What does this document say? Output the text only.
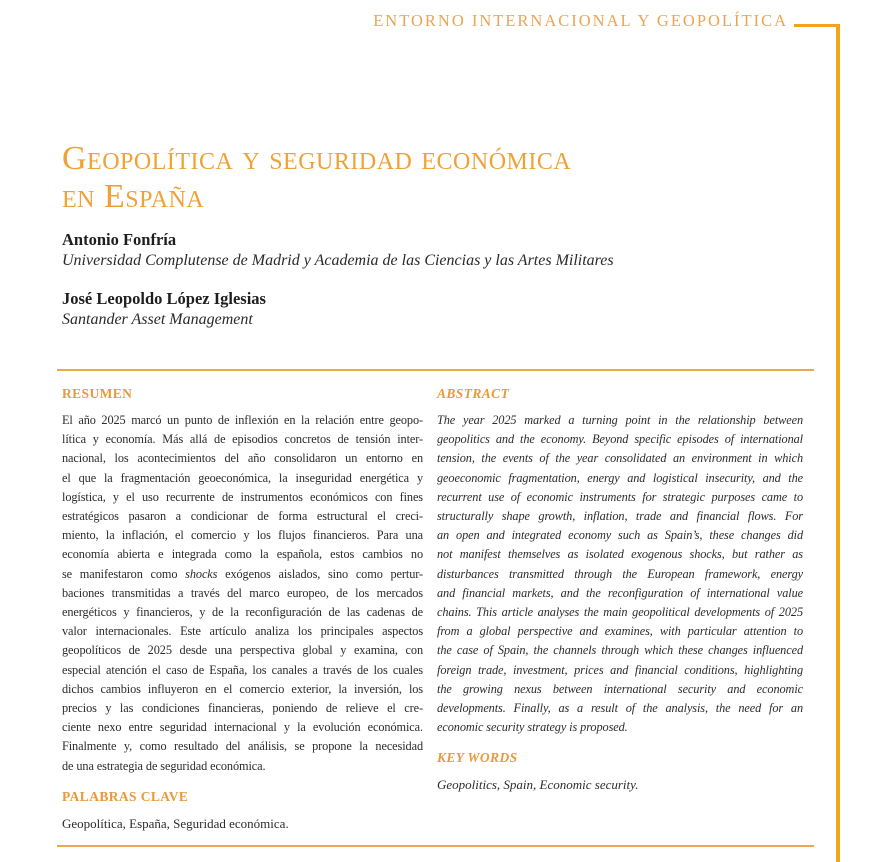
ENTORNO INTERNACIONAL Y GEOPOLÍTICA
Geopolítica y seguridad económica
en España
Antonio Fonfría
Universidad Complutense de Madrid y Academia de las Ciencias y las Artes Militares
José Leopoldo López Iglesias
Santander Asset Management
RESUMEN
El año 2025 marcó un punto de inflexión en la relación entre geopo-
lítica y economía. Más allá de episodios concretos de tensión inter-
nacional, los acontecimientos del año consolidaron un entorno en
el que la fragmentación geoeconómica, la inseguridad energética y
logística, y el uso recurrente de instrumentos económicos con fines
estratégicos pasaron a condicionar de forma estructural el creci-
miento, la inflación, el comercio y los flujos financieros. Para una
economía abierta e integrada como la española, estos cambios no
se manifestaron como shocks exógenos aislados, sino como pertur-
baciones transmitidas a través del marco europeo, de los mercados
energéticos y financieros, y de la reconfiguración de las cadenas de
valor internacionales. Este artículo analiza los principales aspectos
geopolíticos de 2025 desde una perspectiva global y examina, con
especial atención el caso de España, los canales a través de los cuales
dichos cambios influyeron en el comercio exterior, la inversión, los
precios y las condiciones financieras, poniendo de relieve el cre-
ciente nexo entre seguridad internacional y la evolución económica.
Finalmente y, como resultado del análisis, se propone la necesidad
de una estrategia de seguridad económica.
PALABRAS CLAVE

Geopolítica, España, Seguridad económica.

ABSTRACT
The year 2025 marked a turning point in the relationship between
geopolitics and the economy. Beyond specific episodes of international
tension, the events of the year consolidated an environment in which
geoeconomic fragmentation, energy and logistical insecurity, and the
recurrent use of economic instruments for strategic purposes came to
structurally shape growth, inflation, trade and financial flows. For
an open and integrated economy such as Spain’s, these changes did
not manifest themselves as isolated exogenous shocks, but rather as
disturbances transmitted through the European framework, energy
and financial markets, and the reconfiguration of international value
chains. This article analyses the main geopolitical developments of 2025
from a global perspective and examines, with particular attention to
the case of Spain, the channels through which these changes influenced
foreign trade, investment, prices and financial conditions, highlighting
the growing nexus between international security and economic
developments. Finally, as a result of the analysis, the need for an
economic security strategy is proposed.
KEY WORDS

Geopolitics, Spain, Economic security.
